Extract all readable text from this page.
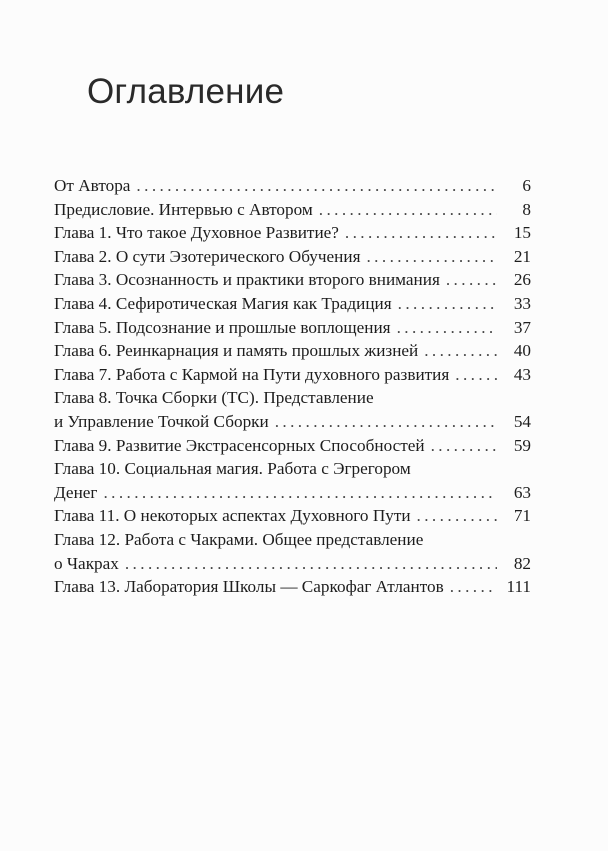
Оглавление
От Автора .....	6
Предисловие. Интервью с Автором .....	8
Глава 1. Что такое Духовное Развитие? .....	15
Глава 2. О сути Эзотерического Обучения .....	21
Глава 3. Осознанность и практики второго внимания .....	26
Глава 4. Сефиротическая Магия как Традиция .....	33
Глава 5. Подсознание и прошлые воплощения .....	37
Глава 6. Реинкарнация и память прошлых жизней .....	40
Глава 7. Работа с Кармой на Пути духовного развития .....	43
Глава 8. Точка Сборки (ТС). Представление
и Управление Точкой Сборки .....	54
Глава 9. Развитие Экстрасенсорных Способностей .....	59
Глава 10. Социальная магия. Работа с Эгрегором
Денег .....	63
Глава 11. О некоторых аспектах Духовного Пути .....	71
Глава 12. Работа с Чакрами. Общее представление
о Чакрах .....	82
Глава 13. Лаборатория Школы — Саркофаг Атлантов .....	111
